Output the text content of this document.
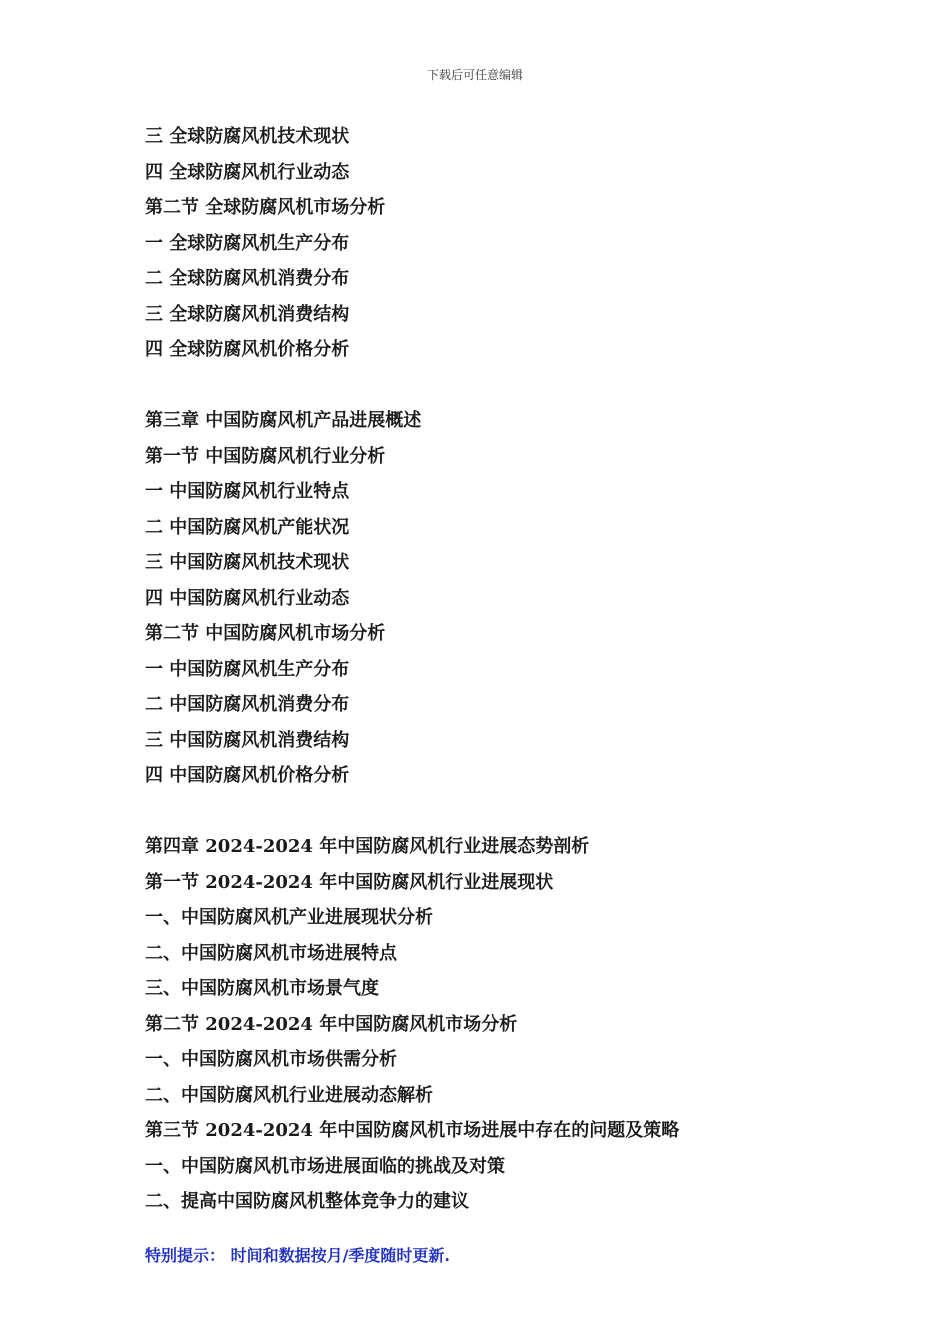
下载后可任意编辑
三 全球防腐风机技术现状
四 全球防腐风机行业动态
第二节 全球防腐风机市场分析
一 全球防腐风机生产分布
二 全球防腐风机消费分布
三 全球防腐风机消费结构
四 全球防腐风机价格分析
第三章 中国防腐风机产品进展概述
第一节 中国防腐风机行业分析
一 中国防腐风机行业特点
二 中国防腐风机产能状况
三 中国防腐风机技术现状
四 中国防腐风机行业动态
第二节 中国防腐风机市场分析
一 中国防腐风机生产分布
二 中国防腐风机消费分布
三 中国防腐风机消费结构
四 中国防腐风机价格分析
第四章 2024-2024 年中国防腐风机行业进展态势剖析
第一节 2024-2024 年中国防腐风机行业进展现状
一、中国防腐风机产业进展现状分析
二、中国防腐风机市场进展特点
三、中国防腐风机市场景气度
第二节 2024-2024 年中国防腐风机市场分析
一、中国防腐风机市场供需分析
二、中国防腐风机行业进展动态解析
第三节 2024-2024 年中国防腐风机市场进展中存在的问题及策略
一、中国防腐风机市场进展面临的挑战及对策
二、提高中国防腐风机整体竞争力的建议
特别提示： 时间和数据按月/季度随时更新.
